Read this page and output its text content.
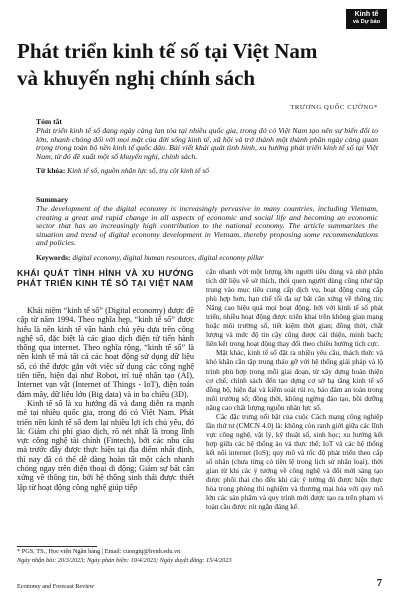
Kinh tế
và Dự báo
Phát triển kinh tế số tại Việt Nam
và khuyến nghị chính sách
TRƯƠNG QUỐC CƯỜNG*
Tóm tắt

Phát triển kinh tế số đang ngày càng lan tỏa tại nhiều quốc gia, trong đó có Việt Nam tạo nên sự biến đổi to lớn, nhanh chóng đối với mọi mặt của đời sống kinh tế, xã hội và trở thành một thành phần ngày càng quan trọng trong toàn bộ nền kinh tế quốc dân. Bài viết khái quát tình hình, xu hướng phát triển kinh tế số tại Việt Nam, từ đó đề xuất một số khuyến nghị, chính sách.

Từ khóa: Kinh tế số, nguồn nhân lực số, trụ cột kinh tế số

Summary

The development of the digital economy is increasingly pervasive in many countries, including Vietnam, creating a great and rapid change in all aspects of economic and social life and becoming an economic sector that has an increasingly high contribution to the national economy. The article summarizes the situation and trend of digital economy development in Vietnam, thereby proposing some recommendations and policies.

Keywords: digital economy, digital human resources, digital economy pillar

KHÁI QUÁT TÌNH HÌNH VÀ XU HƯỚNG PHÁT TRIỂN KINH TẾ SỐ TẠI VIỆT NAM

Khái niệm “kinh tế số” (Digital economy) được đề cập từ năm 1994. Theo nghĩa hẹp, “kinh tế số” được hiểu là nền kinh tế vận hành chủ yếu dựa trên công nghệ số, đặc biệt là các giao dịch điện tử tiến hành thông qua internet. Theo nghĩa rộng, “kinh tế số” là nền kinh tế mà tất cả các hoạt động sử dụng dữ liệu số, có thể được gắn với việc sử dụng các công nghệ tiên tiến, hiện đại như Robot, trí tuệ nhân tạo (AI), Internet vạn vật (Internet of Things - IoT), điện toán đám mây, dữ liệu lớn (Big data) và in ba chiều (3D).

Kinh tế số là xu hướng đã và đang diễn ra mạnh mẽ tại nhiều quốc gia, trong đó có Việt Nam. Phát triển nền kinh tế số đem lại nhiều lợi ích chủ yếu, đó là: Giảm chi phí giao dịch, rõ nét nhất là trong lĩnh vực công nghệ tài chính (Fintech), bởi các nhu cầu mà trước đây được thực hiện tại địa điểm nhất định, thì nay đã có thể dễ dàng hoàn tất một cách nhanh chóng ngay trên điện thoại di động; Giảm sự bất cân xứng về thông tin, bởi hệ thống sinh thái được thiết lập từ hoạt động công nghệ giúp tiếp

cận nhanh với một lượng lớn người tiêu dùng và nhờ phân tích dữ liệu về sở thích, thói quen người dùng cũng như tập trung vào mục tiêu cung cấp dịch vụ, hoạt động cung cấp phù hợp hơn, hạn chế tối đa sự bất cân xứng về thông tin; Nâng cao hiệu quả mọi hoạt động, bởi với kinh tế số phát triển, nhiều hoạt động được triển khai trên không gian mạng hoặc môi trường số, tiết kiệm thời gian; đồng thời, chất lượng và mức độ tin cậy cũng được cải thiện, minh bạch; liên kết trong hoạt động thay đổi theo chiều hướng tích cực.

Mặt khác, kinh tế số đặt ra nhiều yêu cầu, thách thức và khó khăn cần tập trung tháo gỡ với hệ thống giải pháp và lộ trình phù hợp trong mỗi giai đoạn, từ xây dựng hoàn thiện cơ chế, chính sách đến tạo dựng cơ sở hạ tầng kinh tế số đồng bộ, hiện đại và kiểm soát rủi ro, bảo đảm an toàn trong môi trường số; đồng thời, không ngừng đào tạo, bồi dưỡng nâng cao chất lượng nguồn nhân lực số.

Các đặc trưng nổi bật của cuộc Cách mạng công nghiệp lần thứ tư (CMCN 4.0) là: không còn ranh giới giữa các lĩnh vực công nghệ, vật lý, kỹ thuật số, sinh học; xu hướng kết hợp giữa các hệ thống ảo và thực thể; IoT và các hệ thống kết nối internet (IoS); quy mô và tốc độ phát triển theo cấp số nhân (chưa từng có tiền lệ trong lịch sử nhân loại), thời gian từ khi các ý tưởng về công nghệ và đổi mới sáng tạo được phôi thai cho đến khi các ý tưởng đó được hiện thực hóa trong phòng thí nghiệm và thương mại hóa với quy mô lớn các sản phẩm và quy trình mới được tạo ra trên phạm vi toàn cầu được rút ngắn đáng kể.

* PGS, TS., Học viện Ngân hàng | Email: cuongtq@hvnh.edu.vn
Ngày nhận bài: 20/3/2023; Ngày phản biện: 10/4/2023; Ngày duyệt đăng: 15/4/2023
Economy and Forecast Review	7
